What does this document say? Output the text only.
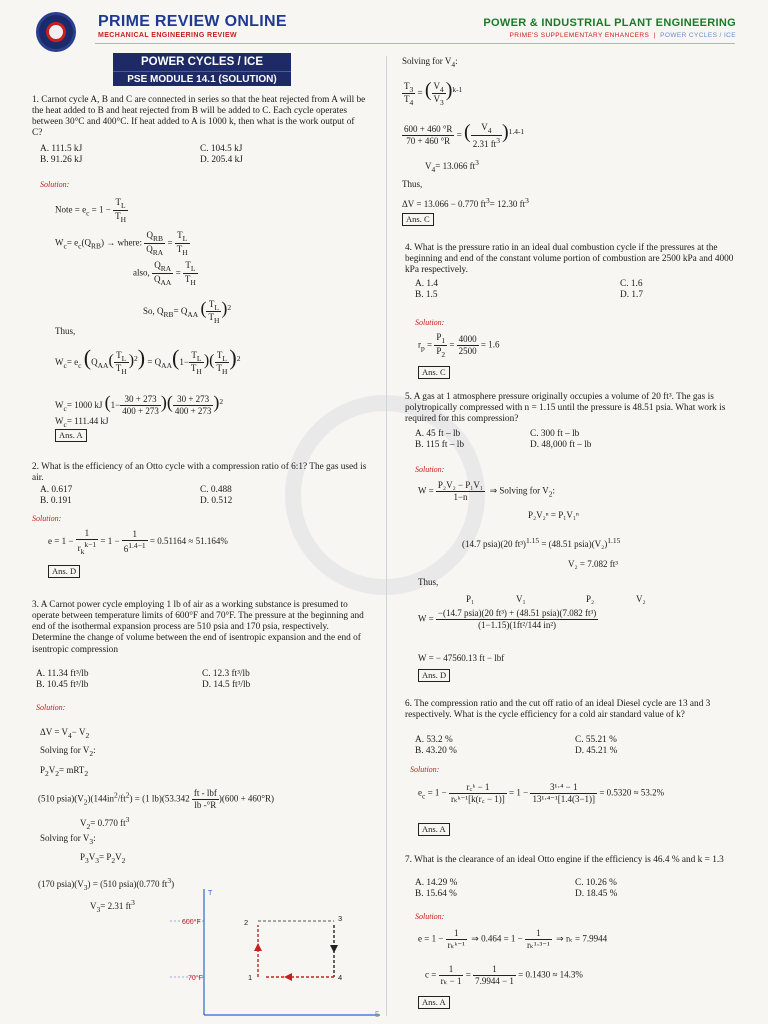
PRIME REVIEW ONLINE
MECHANICAL ENGINEERING REVIEW
POWER & INDUSTRIAL PLANT ENGINEERING
PRIME'S SUPPLEMENTARY ENHANCERS  |  POWER CYCLES / ICE
POWER CYCLES / ICE
PSE MODULE 14.1 (SOLUTION)
1. Carnot cycle A, B and C are connected in series so that the heat rejected from A will be the heat added to B and heat rejected from B will be added to C. Each cycle operates between 30°C and 400°C. If heat added to A is 1000 k, then what is the work output of C?
A. 111.5 kJ	C. 104.5 kJ
B. 91.26 kJ	D. 205.4 kJ
Solution:
Note = $e_c = 1 - \frac{T_L}{T_H}$
$W_c= e_c(Q_{RB})$ → where: $\frac{Q_{RB}}{Q_{RA}} = \frac{T_L}{T_H}$
also, $\frac{Q_{RA}}{Q_{AA}} = \frac{T_L}{T_H}$
So, $Q_{RB}= Q_{AA}$ ( $\frac{T_L}{T_H} )^2$
Thus,
$W_c= e_c$ $(Q_{AA}( \frac{T_L}{T_H} )^2) = Q_{AA}(1- \frac{T_L}{T_H}$ )( $\frac{T_L}{T_H} )^2$
$W_c= 1000$ kJ ($1- \frac{30 + 273}{400 + 273}$ )( $\frac{30 + 273}{400 + 273} )^2$
$W_c= 111.44$ kJ
Ans. A
2. What is the efficiency of an Otto cycle with a compression ratio of 6:1? The gas used is air.
A. 0.617	C. 0.488
B. 0.191	D. 0.512
Solution:
$e = 1 - \frac{1}{r_k^{k-1}} = 1 - \frac{1}{6^{1.4-1}} = 0.51164 \approx 51.164\%$
Ans. D
3. A Carnot power cycle employing 1 lb of air as a working substance is presumed to operate between temperature limits of 600°F and 70°F. The pressure at the beginning and end of the isothermal expansion process are 510 psia and 170 psia, respectively. Determine the change of volume between the end of isentropic expansion and the end of isentropic compression
A. 11.34 ft³/lb	C. 12.3 ft³/lb
B. 10.45 ft³/lb	D. 14.5 ft³/lb
Solution:
$\Delta V = V_4- V_2$
Solving for $V_2$:
$P_2V_2= mRT_2$
(510 $psia)(V_2)(144in^2/ft^2) = (1$ $lb)(53.342 \frac{\text{ft - lbf}}{lb -^\circ R} )(600 + 460^\circ R)$
$V_2= 0.770$ $ft^3$
Solving for $V_3$:
$P_3V_3= P_2V_2$
(170 $psia)(V_3) = (510$ psia)(0.770 $ft^3$)
$V_3= 2.31$ $ft^3$
600°F
70°F
T
2	3
4
1
5
Solving for $V_4$:
$\frac{T_3}{T_4}$ = ( $\frac{V_4}{V_3} )^{k-1}$
$\frac{600 + 460 ^\circ R}{70 + 460 ^\circ R}$ = ( $\frac{V_4}{2.31 ft^3} )^{1.4-1}$
$V_4= 13.066$ $ft^3$
Thus,
ΔV = 13.066 − 0.770 $ft^3= 12.30$ $ft^3$
Ans. C
4. What is the pressure ratio in an ideal dual combustion cycle if the pressures at the beginning and end of the constant volume portion of combustion are 2500 kPa and 4000 kPa respectively.
A. 1.4	C. 1.6
B. 1.5	D. 1.7
Solution:
$r_p = \frac{P_1}{P_2} = \frac{4000}{2500} = 1.6$
Ans. C
5. A gas at 1 atmosphere pressure originally occupies a volume of 20 ft³. The gas is polytropically compressed with n = 1.15 until the pressure is 48.51 psia. What work is required for this compression?
A. 45 ft – lb	C. 300 ft – lb
B. 115 ft – lb	D. 48,000 ft – lb
Solution:
$W = \frac{\text{P₂V₂ − P₁V₁}}{1-n}$ ⇒ Solving for $V_2$:
P₂V₂ⁿ = P₁V₁ⁿ
(14.7 psia)(20 ft³)$^{1.15}$ = (48.51 $psia)(V_2)^{1.15}$
V₂ = 7.082 ft³
Thus,
P₁	V₁	P₂	V₂
$W = \frac{\text{−(14.7 psia)(20 ft³) + (48.51 psia)(7.082 ft³)}}{\text{(1−1.15)(1ft²/144 in²)}}$
W = − 47560.13 ft − lbf
Ans. D
6. The compression ratio and the cut off ratio of an ideal Diesel cycle are 13 and 3 respectively. What is the cycle efficiency for a cold air standard value of k?
A. 53.2 %	C. 55.21 %
B. 43.20 %	D. 45.21 %
Solution:
$e_c = 1 - \frac{\text{r꜀ᵏ − 1}}{\text{rₖᵏ⁻¹[k(r꜀ − 1)]}} = 1 - \frac{\text{3¹·⁴ − 1}}{\text{13¹·⁴⁻¹[1.4(3−1)]}} = 0.5320 \approx 53.2\%$
Ans. A
7. What is the clearance of an ideal Otto engine if the efficiency is 46.4 % and k = 1.3
A. 14.29 %	C. 10.26 %
B. 15.64 %	D. 18.45 %
Solution:
$e = 1 - \frac{1}{\text{rₖᵏ⁻¹}}$ ⇒ $0.464 = 1 - \frac{1}{\text{rₖ¹·³⁻¹}}$ ⇒ rₖ = 7.9944
$c = \frac{1}{\text{rₖ − 1}} = \frac{1}{7.9944 - 1} = 0.1430 \approx 14.3\%$
Ans. A
